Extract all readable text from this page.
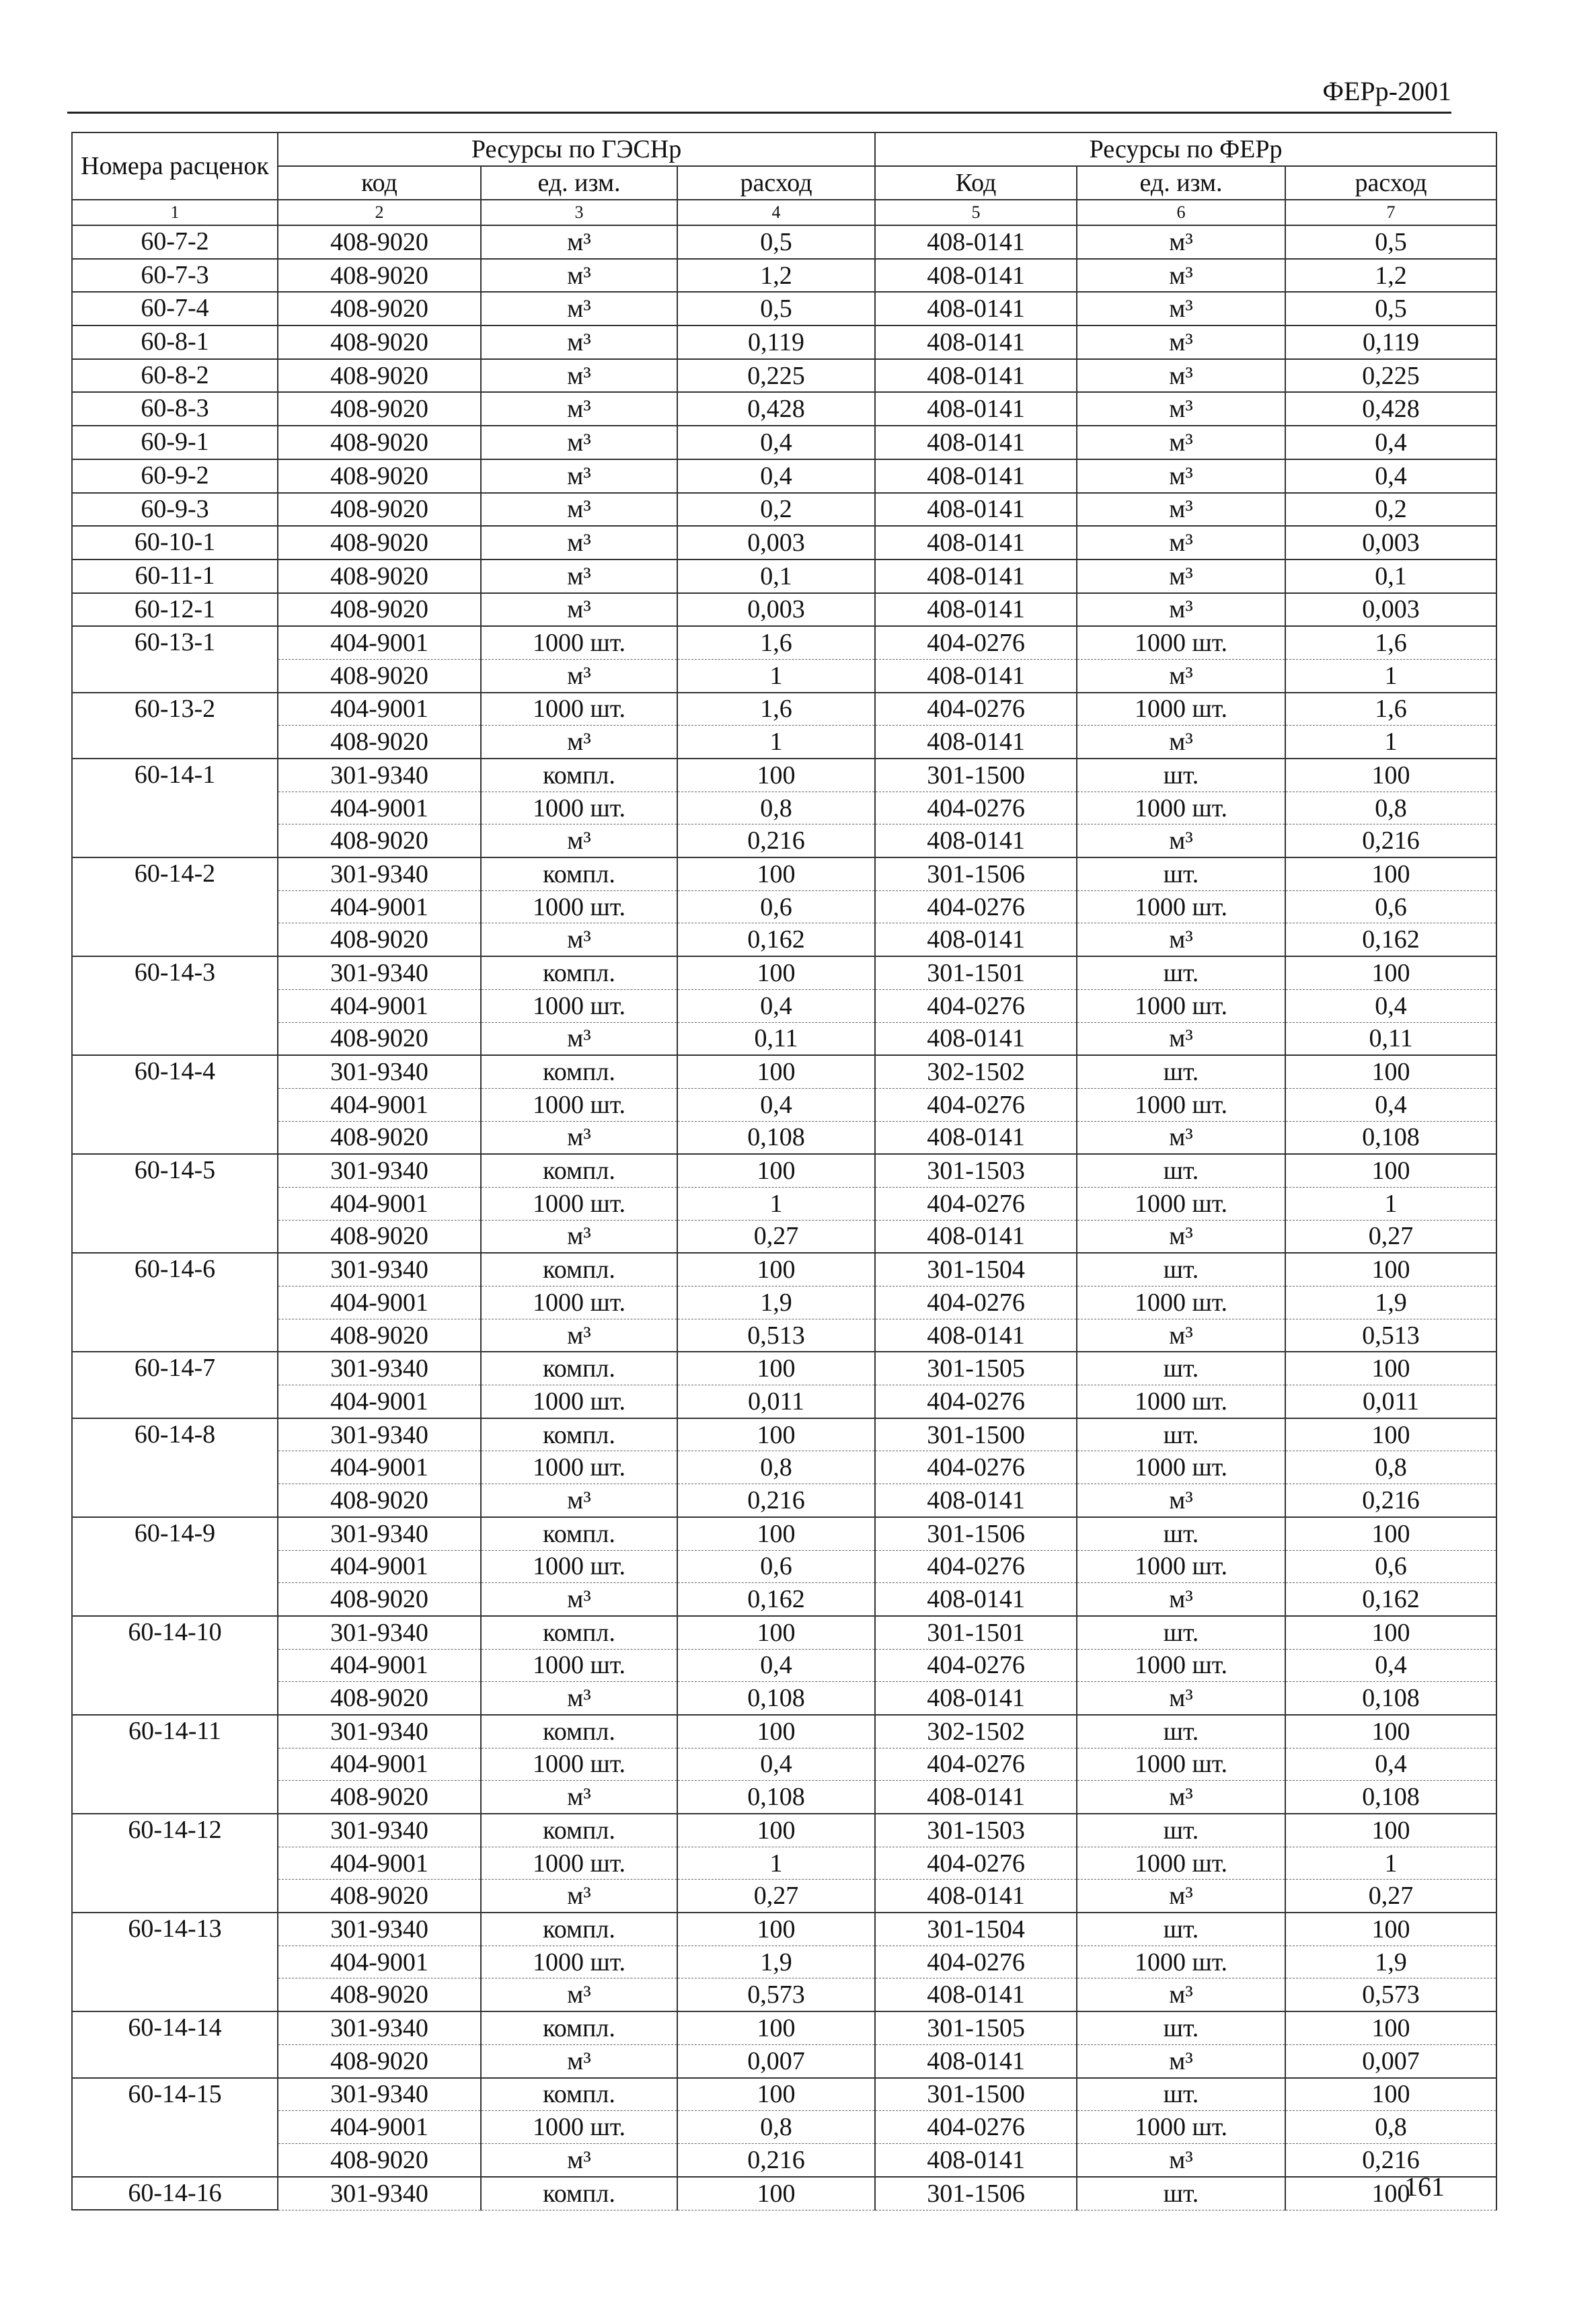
ФЕРр-2001
Номера расценок	Ресурсы по ГЭСНр			Ресурсы по ФЕРр		
	код	ед. изм.	расход	Код	ед. изм.	расход
1	2	3	4	5	6	7
60-7-2	408-9020	м³	0,5	408-0141	м³	0,5
60-7-3	408-9020	м³	1,2	408-0141	м³	1,2
60-7-4	408-9020	м³	0,5	408-0141	м³	0,5
60-8-1	408-9020	м³	0,119	408-0141	м³	0,119
60-8-2	408-9020	м³	0,225	408-0141	м³	0,225
60-8-3	408-9020	м³	0,428	408-0141	м³	0,428
60-9-1	408-9020	м³	0,4	408-0141	м³	0,4
60-9-2	408-9020	м³	0,4	408-0141	м³	0,4
60-9-3	408-9020	м³	0,2	408-0141	м³	0,2
60-10-1	408-9020	м³	0,003	408-0141	м³	0,003
60-11-1	408-9020	м³	0,1	408-0141	м³	0,1
60-12-1	408-9020	м³	0,003	408-0141	м³	0,003
60-13-1	404-9001	1000 шт.	1,6	404-0276	1000 шт.	1,6
	408-9020	м³	1	408-0141	м³	1
60-13-2	404-9001	1000 шт.	1,6	404-0276	1000 шт.	1,6
	408-9020	м³	1	408-0141	м³	1
60-14-1	301-9340	компл.	100	301-1500	шт.	100
	404-9001	1000 шт.	0,8	404-0276	1000 шт.	0,8
	408-9020	м³	0,216	408-0141	м³	0,216
60-14-2	301-9340	компл.	100	301-1506	шт.	100
	404-9001	1000 шт.	0,6	404-0276	1000 шт.	0,6
	408-9020	м³	0,162	408-0141	м³	0,162
60-14-3	301-9340	компл.	100	301-1501	шт.	100
	404-9001	1000 шт.	0,4	404-0276	1000 шт.	0,4
	408-9020	м³	0,11	408-0141	м³	0,11
60-14-4	301-9340	компл.	100	302-1502	шт.	100
	404-9001	1000 шт.	0,4	404-0276	1000 шт.	0,4
	408-9020	м³	0,108	408-0141	м³	0,108
60-14-5	301-9340	компл.	100	301-1503	шт.	100
	404-9001	1000 шт.	1	404-0276	1000 шт.	1
	408-9020	м³	0,27	408-0141	м³	0,27
60-14-6	301-9340	компл.	100	301-1504	шт.	100
	404-9001	1000 шт.	1,9	404-0276	1000 шт.	1,9
	408-9020	м³	0,513	408-0141	м³	0,513
60-14-7	301-9340	компл.	100	301-1505	шт.	100
	404-9001	1000 шт.	0,011	404-0276	1000 шт.	0,011
60-14-8	301-9340	компл.	100	301-1500	шт.	100
	404-9001	1000 шт.	0,8	404-0276	1000 шт.	0,8
	408-9020	м³	0,216	408-0141	м³	0,216
60-14-9	301-9340	компл.	100	301-1506	шт.	100
	404-9001	1000 шт.	0,6	404-0276	1000 шт.	0,6
	408-9020	м³	0,162	408-0141	м³	0,162
60-14-10	301-9340	компл.	100	301-1501	шт.	100
	404-9001	1000 шт.	0,4	404-0276	1000 шт.	0,4
	408-9020	м³	0,108	408-0141	м³	0,108
60-14-11	301-9340	компл.	100	302-1502	шт.	100
	404-9001	1000 шт.	0,4	404-0276	1000 шт.	0,4
	408-9020	м³	0,108	408-0141	м³	0,108
60-14-12	301-9340	компл.	100	301-1503	шт.	100
	404-9001	1000 шт.	1	404-0276	1000 шт.	1
	408-9020	м³	0,27	408-0141	м³	0,27
60-14-13	301-9340	компл.	100	301-1504	шт.	100
	404-9001	1000 шт.	1,9	404-0276	1000 шт.	1,9
	408-9020	м³	0,573	408-0141	м³	0,573
60-14-14	301-9340	компл.	100	301-1505	шт.	100
	408-9020	м³	0,007	408-0141	м³	0,007
60-14-15	301-9340	компл.	100	301-1500	шт.	100
	404-9001	1000 шт.	0,8	404-0276	1000 шт.	0,8
	408-9020	м³	0,216	408-0141	м³	0,216
60-14-16	301-9340	компл.	100	301-1506	шт.	100
161
